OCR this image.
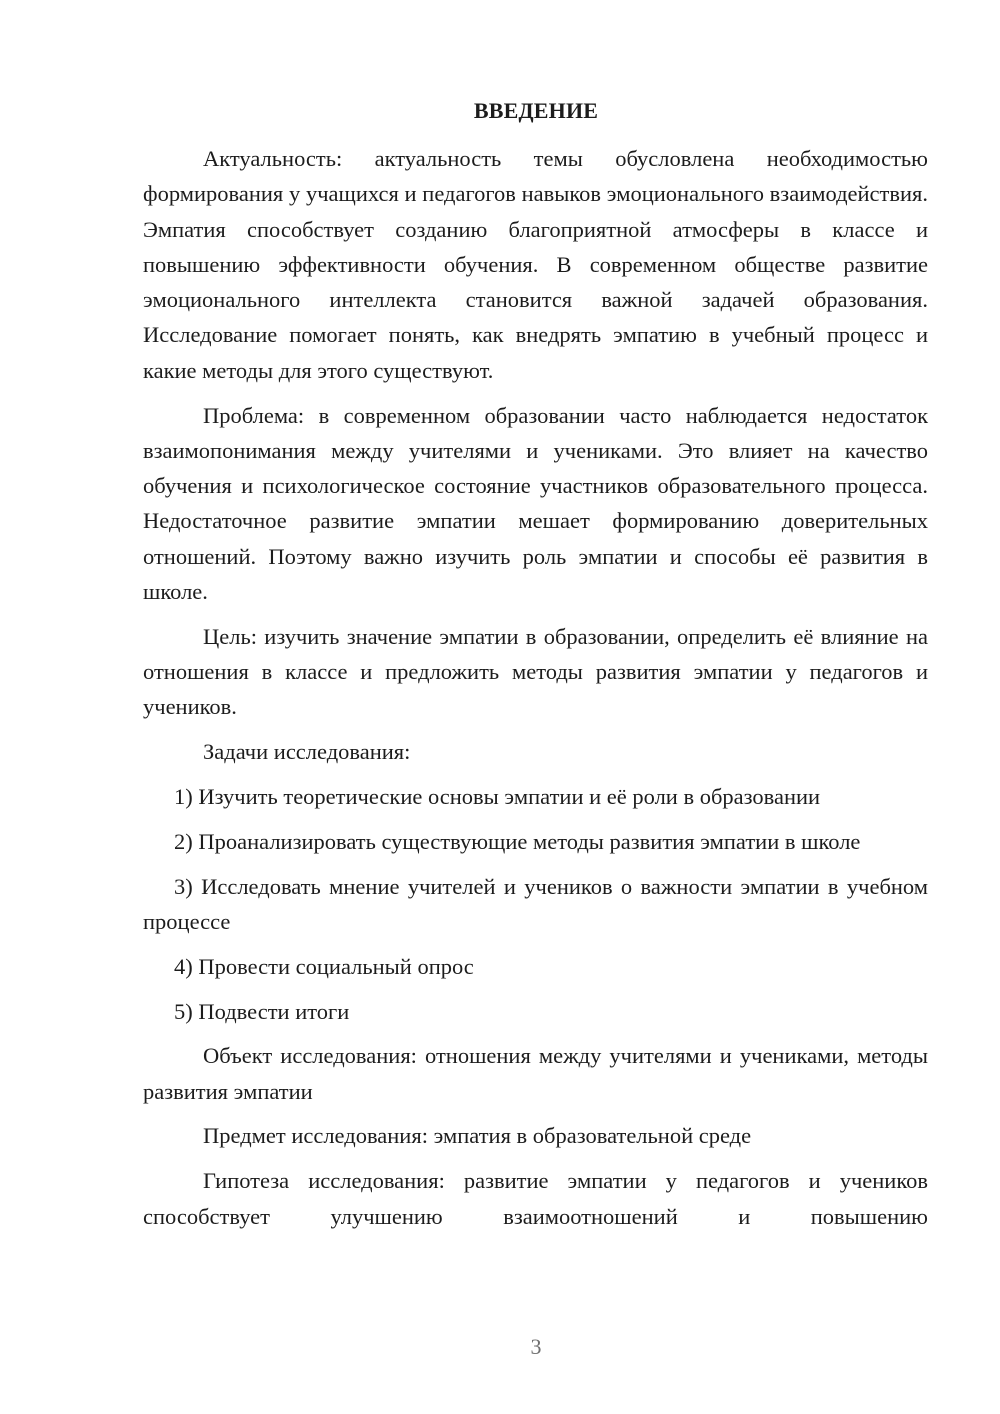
ВВЕДЕНИЕ

Актуальность: актуальность темы обусловлена необходимостью формирования у учащихся и педагогов навыков эмоционального взаимодействия. Эмпатия способствует созданию благоприятной атмосферы в классе и повышению эффективности обучения. В современном обществе развитие эмоционального интеллекта становится важной задачей образования. Исследование помогает понять, как внедрять эмпатию в учебный процесс и какие методы для этого существуют.

Проблема: в современном образовании часто наблюдается недостаток взаимопонимания между учителями и учениками. Это влияет на качество обучения и психологическое состояние участников образовательного процесса. Недостаточное развитие эмпатии мешает формированию доверительных отношений. Поэтому важно изучить роль эмпатии и способы её развития в школе.

Цель: изучить значение эмпатии в образовании, определить её влияние на отношения в классе и предложить методы развития эмпатии у педагогов и учеников.

Задачи исследования:

1) Изучить теоретические основы эмпатии и её роли в образовании

2) Проанализировать существующие методы развития эмпатии в школе

3) Исследовать мнение учителей и учеников о важности эмпатии в учебном процессе

4) Провести социальный опрос

5) Подвести итоги

Объект исследования: отношения между учителями и учениками, методы развития эмпатии

Предмет исследования: эмпатия в образовательной среде

Гипотеза исследования: развитие эмпатии у педагогов и учеников способствует улучшению взаимоотношений и повышению

3
